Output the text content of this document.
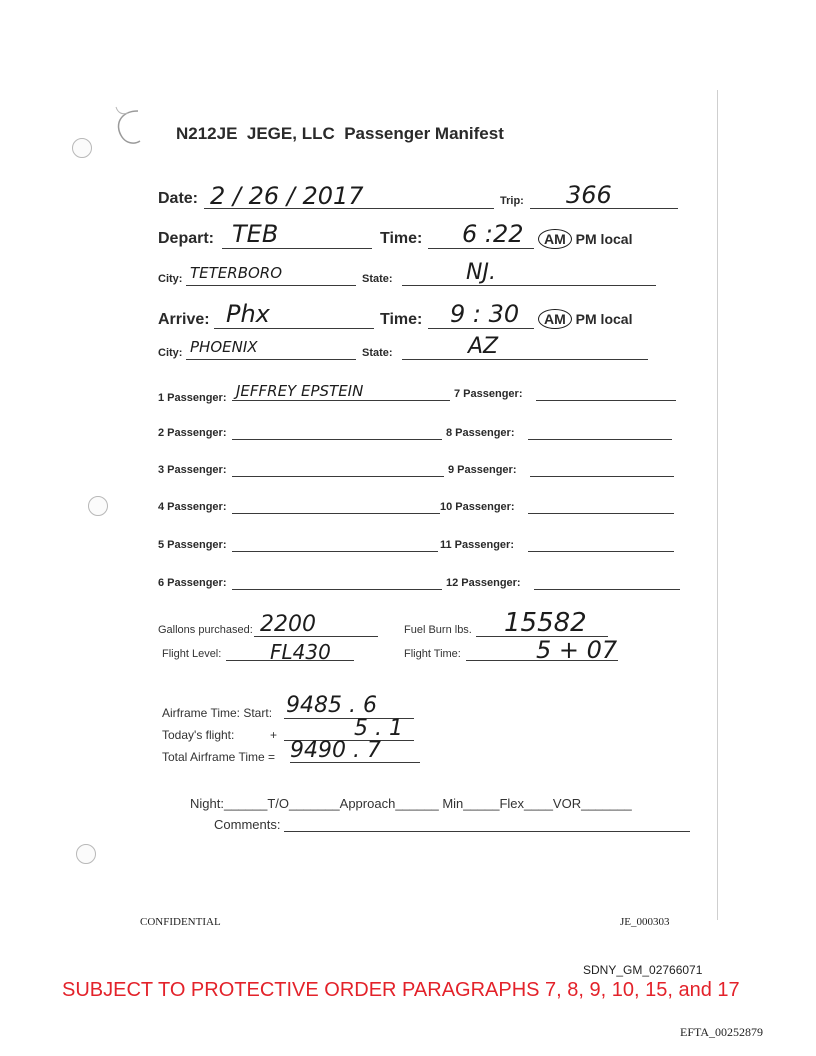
N212JE JEGE, LLC Passenger Manifest
Date: 2 / 26 / 2017	Trip: 366
Depart: TEB	Time: 6 :22	AM PM local
City: TETERBORO	State:	NJ.
Arrive: Phx	Time: 9 : 30	AM PM local
City: PHOENIX	State:	AZ
1 Passenger: JEFFREY EPSTEIN
2 Passenger:
3 Passenger:
4 Passenger:
5 Passenger:
6 Passenger:
7 Passenger:
8 Passenger:
9 Passenger:
10 Passenger:
11 Passenger:
12 Passenger:
Gallons purchased: 2200	Fuel Burn lbs. 15582
Flight Level: FL430	Flight Time:	5 + 07
Airframe Time: Start: 9485 . 6
Today's flight:	+	5 . 1
Total Airframe Time = 9490 . 7
Night:______T/O_______Approach______ Min_____Flex____VOR_______
Comments:
CONFIDENTIAL	JE_000303
SDNY_GM_02766071
SUBJECT TO PROTECTIVE ORDER PARAGRAPHS 7, 8, 9, 10, 15, and 17
EFTA_00252879
